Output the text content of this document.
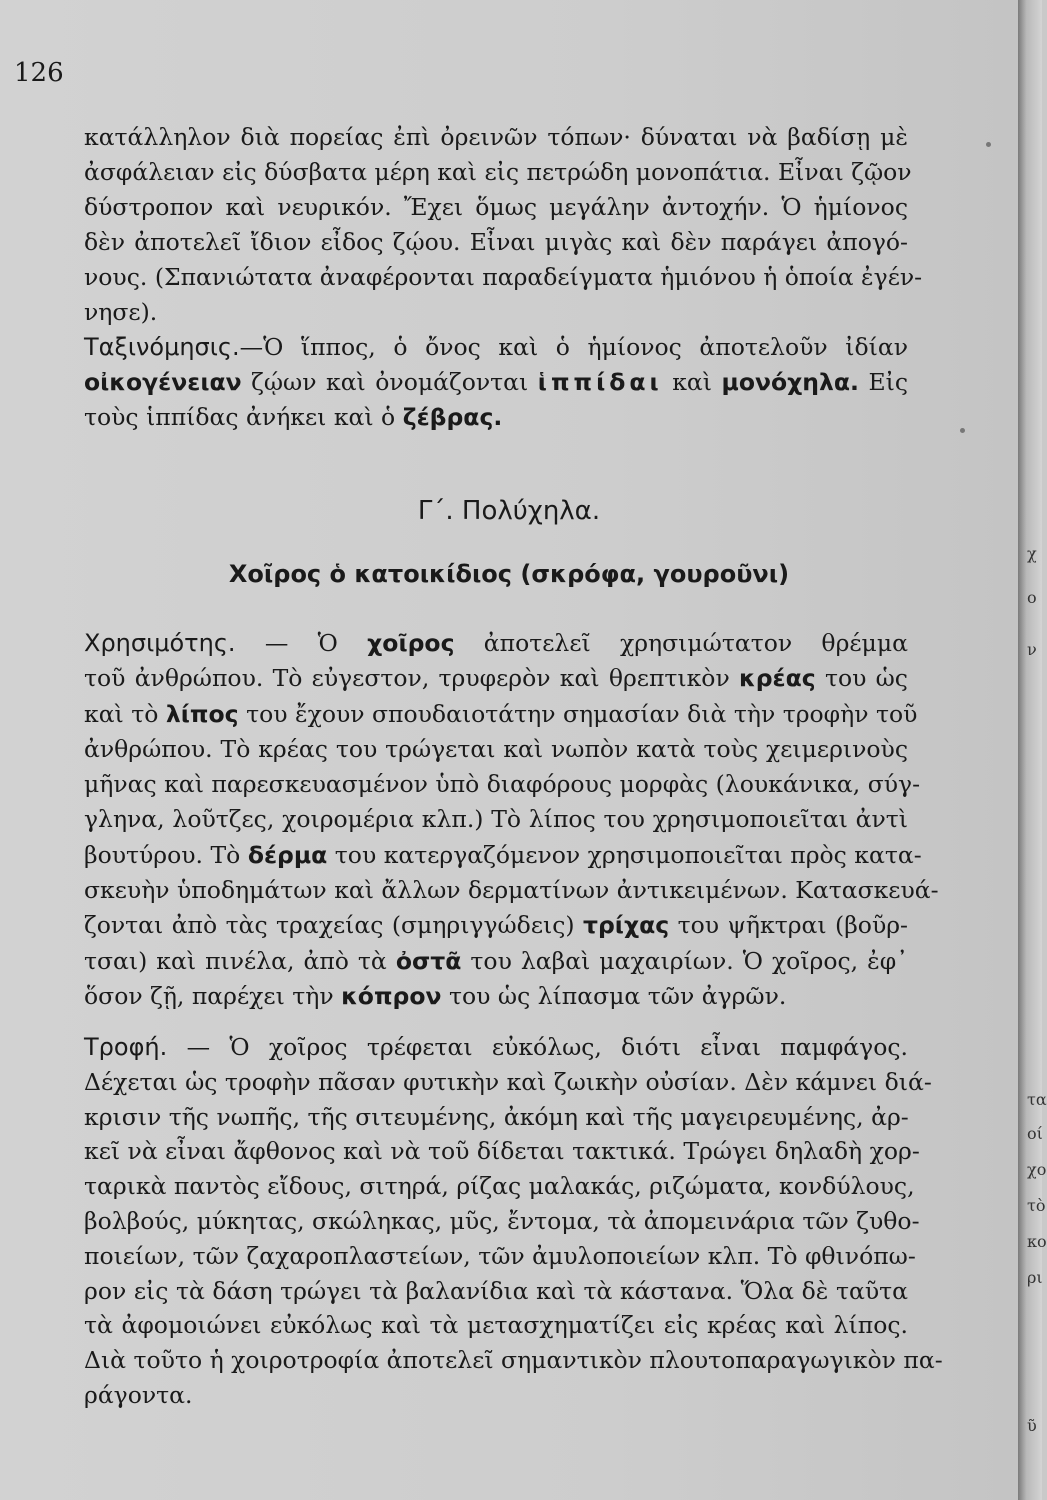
126
κατάλληλον διὰ πορείας ἐπὶ ὀρεινῶν τόπων· δύναται νὰ βαδίσῃ μὲ
ἀσφάλειαν εἰς δύσβατα μέρη καὶ εἰς πετρώδη μονοπάτια. Εἶναι ζῷον
δύστροπον καὶ νευρικόν. Ἔχει ὅμως μεγάλην ἀντοχήν. Ὁ ἡμίονος
δὲν ἀποτελεῖ ἴδιον εἶδος ζῴου. Εἶναι μιγὰς καὶ δὲν παράγει ἀπογό-
νους. (Σπανιώτατα ἀναφέρονται παραδείγματα ἡμιόνου ἡ ὁποία ἐγέν-
νησε).
Ταξινόμησις.—Ὁ ἵππος, ὁ ὄνος καὶ ὁ ἡμίονος ἀποτελοῦν ἰδίαν
οἰκογένειαν ζῴων καὶ ὀνομάζονται ἱππίδαι καὶ μονόχηλα. Εἰς
τοὺς ἱππίδας ἀνήκει καὶ ὁ ζέβρας.
Γ΄. Πολύχηλα.
Χοῖρος ὁ κατοικίδιος (σκρόφα, γουροῦνι)
Χρησιμότης. — Ὁ χοῖρος ἀποτελεῖ χρησιμώτατον θρέμμα
τοῦ ἀνθρώπου. Τὸ εὐγεστον, τρυφερὸν καὶ θρεπτικὸν κρέας του ὡς
καὶ τὸ λίπος του ἔχουν σπουδαιοτάτην σημασίαν διὰ τὴν τροφὴν τοῦ
ἀνθρώπου. Τὸ κρέας του τρώγεται καὶ νωπὸν κατὰ τοὺς χειμερινοὺς
μῆνας καὶ παρεσκευασμένον ὑπὸ διαφόρους μορφὰς (λουκάνικα, σύγ-
γληνα, λοῦτζες, χοιρομέρια κλπ.) Τὸ λίπος του χρησιμοποιεῖται ἀντὶ
βουτύρου. Τὸ δέρμα του κατεργαζόμενον χρησιμοποιεῖται πρὸς κατα-
σκευὴν ὑποδημάτων καὶ ἄλλων δερματίνων ἀντικειμένων. Κατασκευά-
ζονται ἀπὸ τὰς τραχείας (σμηριγγώδεις) τρίχας του ψῆκτραι (βοῦρ-
τσαι) καὶ πινέλα, ἀπὸ τὰ ὀστᾶ του λαβαὶ μαχαιρίων. Ὁ χοῖρος, ἐφ᾽
ὅσον ζῇ, παρέχει τὴν κόπρον του ὡς λίπασμα τῶν ἀγρῶν.
Τροφή. — Ὁ χοῖρος τρέφεται εὐκόλως, διότι εἶναι παμφάγος.
Δέχεται ὡς τροφὴν πᾶσαν φυτικὴν καὶ ζωικὴν οὐσίαν. Δὲν κάμνει διά-
κρισιν τῆς νωπῆς, τῆς σιτευμένης, ἀκόμη καὶ τῆς μαγειρευμένης, ἀρ-
κεῖ νὰ εἶναι ἄφθονος καὶ νὰ τοῦ δίδεται τακτικά. Τρώγει δηλαδὴ χορ-
ταρικὰ παντὸς εἴδους, σιτηρά, ρίζας μαλακάς, ριζώματα, κονδύλους,
βολβούς, μύκητας, σκώληκας, μῦς, ἔντομα, τὰ ἀπομεινάρια τῶν ζυθο-
ποιείων, τῶν ζαχαροπλαστείων, τῶν ἀμυλοποιείων κλπ. Τὸ φθινόπω-
ρον εἰς τὰ δάση τρώγει τὰ βαλανίδια καὶ τὰ κάστανα. Ὅλα δὲ ταῦτα
τὰ ἀφομοιώνει εὐκόλως καὶ τὰ μετασχηματίζει εἰς κρέας καὶ λίπος.
Διὰ τοῦτο ἡ χοιροτροφία ἀποτελεῖ σημαντικὸν πλουτοπαραγωγικὸν πα-
ράγοντα.
χ
ο
ν
τα
οί
χο
τὸ
κο
ρι
ῦ
